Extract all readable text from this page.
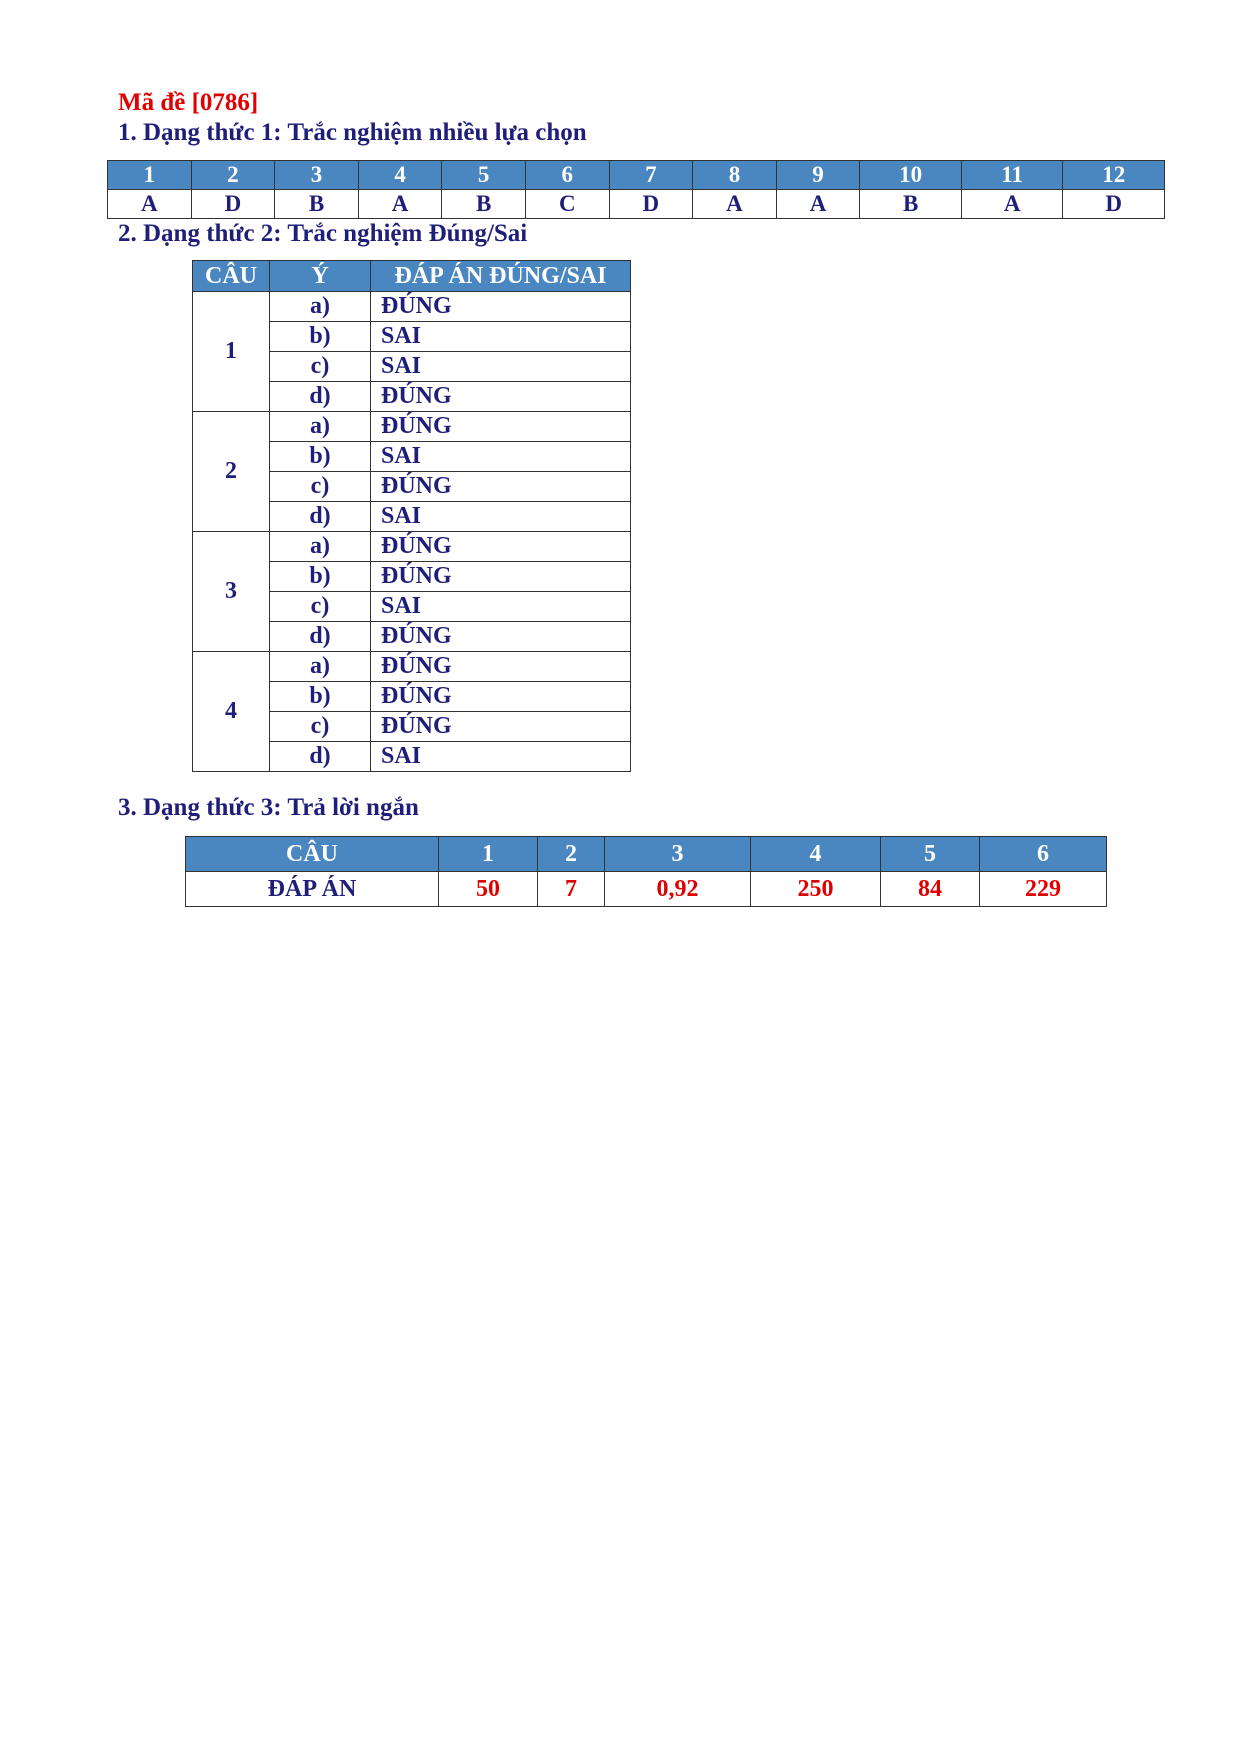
Mã đề [0786]
1. Dạng thức 1: Trắc nghiệm nhiều lựa chọn
1	2	3	4	5	6	7	8	9	10	11	12
A	D	B	A	B	C	D	A	A	B	A	D
2. Dạng thức 2: Trắc nghiệm Đúng/Sai
CÂU	Ý	ĐÁP ÁN ĐÚNG/SAI
1	a)	ĐÚNG
	b)	SAI
	c)	SAI
	d)	ĐÚNG
2	a)	ĐÚNG
	b)	SAI
	c)	ĐÚNG
	d)	SAI
3	a)	ĐÚNG
	b)	ĐÚNG
	c)	SAI
	d)	ĐÚNG
4	a)	ĐÚNG
	b)	ĐÚNG
	c)	ĐÚNG
	d)	SAI
3. Dạng thức 3: Trả lời ngắn
CÂU	1	2	3	4	5	6
ĐÁP ÁN	50	7	0,92	250	84	229
